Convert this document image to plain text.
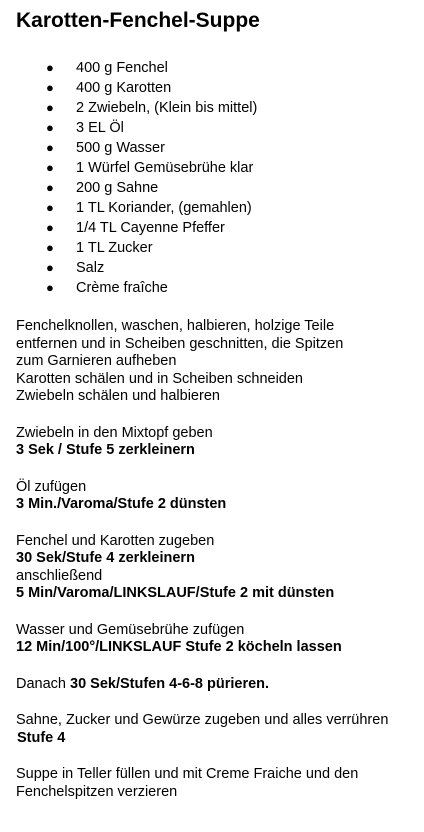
Karotten-Fenchel-Suppe
● 400 g Fenchel
● 400 g Karotten
● 2 Zwiebeln, (Klein bis mittel)
● 3 EL Öl
● 500 g Wasser
● 1 Würfel Gemüsebrühe klar
● 200 g Sahne
● 1 TL Koriander, (gemahlen)
● 1/4 TL Cayenne Pfeffer
● 1 TL Zucker
● Salz
● Crème fraîche

Fenchelknollen, waschen, halbieren, holzige Teile
entfernen und in Scheiben geschnitten, die Spitzen
zum Garnieren aufheben
Karotten schälen und in Scheiben schneiden
Zwiebeln schälen und halbieren

Zwiebeln in den Mixtopf geben
3 Sek / Stufe 5 zerkleinern

Öl zufügen
3 Min./Varoma/Stufe 2 dünsten

Fenchel und Karotten zugeben
30 Sek/Stufe 4 zerkleinern
anschließend
5 Min/Varoma/LINKSLAUF/Stufe 2 mit dünsten

Wasser und Gemüsebrühe zufügen
12 Min/100°/LINKSLAUF Stufe 2 köcheln lassen

Danach 30 Sek/Stufen 4-6-8 pürieren.

Sahne, Zucker und Gewürze zugeben und alles verrühren
Stufe 4

Suppe in Teller füllen und mit Creme Fraiche und den
Fenchelspitzen verzieren
